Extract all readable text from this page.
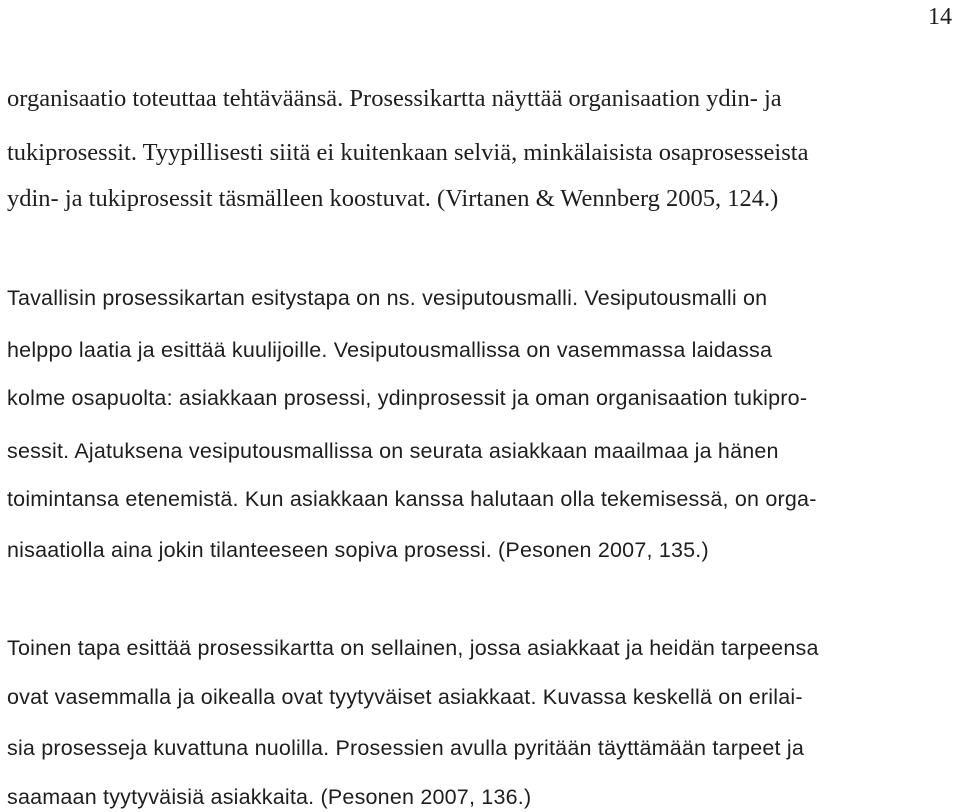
14
organisaatio toteuttaa tehtäväänsä. Prosessikartta näyttää organisaation ydin- ja
tukiprosessit. Tyypillisesti siitä ei kuitenkaan selviä, minkälaisista osaprosesseista
ydin- ja tukiprosessit täsmälleen koostuvat. (Virtanen & Wennberg 2005, 124.)
Tavallisin prosessikartan esitystapa on ns. vesiputousmalli. Vesiputousmalli on
helppo laatia ja esittää kuulijoille. Vesiputousmallissa on vasemmassa laidassa
kolme osapuolta: asiakkaan prosessi, ydinprosessit ja oman organisaation tukipro-
sessit. Ajatuksena vesiputousmallissa on seurata asiakkaan maailmaa ja hänen
toimintansa etenemistä. Kun asiakkaan kanssa halutaan olla tekemisessä, on orga-
nisaatiolla aina jokin tilanteeseen sopiva prosessi. (Pesonen 2007, 135.)
Toinen tapa esittää prosessikartta on sellainen, jossa asiakkaat ja heidän tarpeensa
ovat vasemmalla ja oikealla ovat tyytyväiset asiakkaat. Kuvassa keskellä on erilai-
sia prosesseja kuvattuna nuolilla. Prosessien avulla pyritään täyttämään tarpeet ja
saamaan tyytyväisiä asiakkaita. (Pesonen 2007, 136.)
